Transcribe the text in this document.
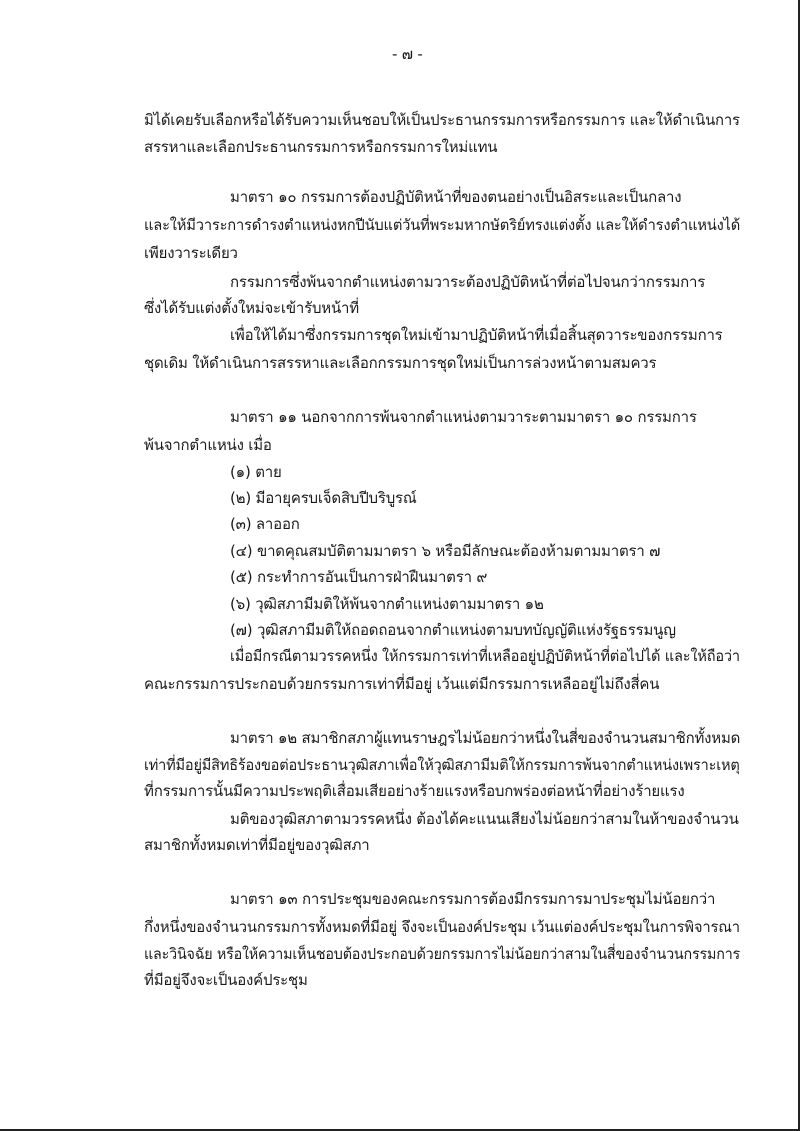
- ๗ -
มิได้เคยรับเลือกหรือได้รับความเห็นชอบให้เป็นประธานกรรมการหรือกรรมการ และให้ดำเนินการ
สรรหาและเลือกประธานกรรมการหรือกรรมการใหม่แทน
มาตรา ๑๐ กรรมการต้องปฏิบัติหน้าที่ของตนอย่างเป็นอิสระและเป็นกลาง
และให้มีวาระการดำรงตำแหน่งหกปีนับแต่วันที่พระมหากษัตริย์ทรงแต่งตั้ง และให้ดำรงตำแหน่งได้
เพียงวาระเดียว
กรรมการซึ่งพ้นจากตำแหน่งตามวาระต้องปฏิบัติหน้าที่ต่อไปจนกว่ากรรมการ
ซึ่งได้รับแต่งตั้งใหม่จะเข้ารับหน้าที่
เพื่อให้ได้มาซึ่งกรรมการชุดใหม่เข้ามาปฏิบัติหน้าที่เมื่อสิ้นสุดวาระของกรรมการ
ชุดเดิม ให้ดำเนินการสรรหาและเลือกกรรมการชุดใหม่เป็นการล่วงหน้าตามสมควร
มาตรา ๑๑ นอกจากการพ้นจากตำแหน่งตามวาระตามมาตรา ๑๐ กรรมการ
พ้นจากตำแหน่ง เมื่อ
(๑) ตาย
(๒) มีอายุครบเจ็ดสิบปีบริบูรณ์
(๓) ลาออก
(๔) ขาดคุณสมบัติตามมาตรา ๖ หรือมีลักษณะต้องห้ามตามมาตรา ๗
(๕) กระทำการอันเป็นการฝ่าฝืนมาตรา ๙
(๖) วุฒิสภามีมติให้พ้นจากตำแหน่งตามมาตรา ๑๒
(๗) วุฒิสภามีมติให้ถอดถอนจากตำแหน่งตามบทบัญญัติแห่งรัฐธรรมนูญ
เมื่อมีกรณีตามวรรคหนึ่ง ให้กรรมการเท่าที่เหลืออยู่ปฏิบัติหน้าที่ต่อไปได้ และให้ถือว่า
คณะกรรมการประกอบด้วยกรรมการเท่าที่มีอยู่ เว้นแต่มีกรรมการเหลืออยู่ไม่ถึงสี่คน
มาตรา ๑๒ สมาชิกสภาผู้แทนราษฎรไม่น้อยกว่าหนึ่งในสี่ของจำนวนสมาชิกทั้งหมด
เท่าที่มีอยู่มีสิทธิร้องขอต่อประธานวุฒิสภาเพื่อให้วุฒิสภามีมติให้กรรมการพ้นจากตำแหน่งเพราะเหตุ
ที่กรรมการนั้นมีความประพฤติเสื่อมเสียอย่างร้ายแรงหรือบกพร่องต่อหน้าที่อย่างร้ายแรง
มติของวุฒิสภาตามวรรคหนึ่ง ต้องได้คะแนนเสียงไม่น้อยกว่าสามในห้าของจำนวน
สมาชิกทั้งหมดเท่าที่มีอยู่ของวุฒิสภา
มาตรา ๑๓ การประชุมของคณะกรรมการต้องมีกรรมการมาประชุมไม่น้อยกว่า
กึ่งหนึ่งของจำนวนกรรมการทั้งหมดที่มีอยู่ จึงจะเป็นองค์ประชุม เว้นแต่องค์ประชุมในการพิจารณา
และวินิจฉัย หรือให้ความเห็นชอบต้องประกอบด้วยกรรมการไม่น้อยกว่าสามในสี่ของจำนวนกรรมการ
ที่มีอยู่จึงจะเป็นองค์ประชุม
